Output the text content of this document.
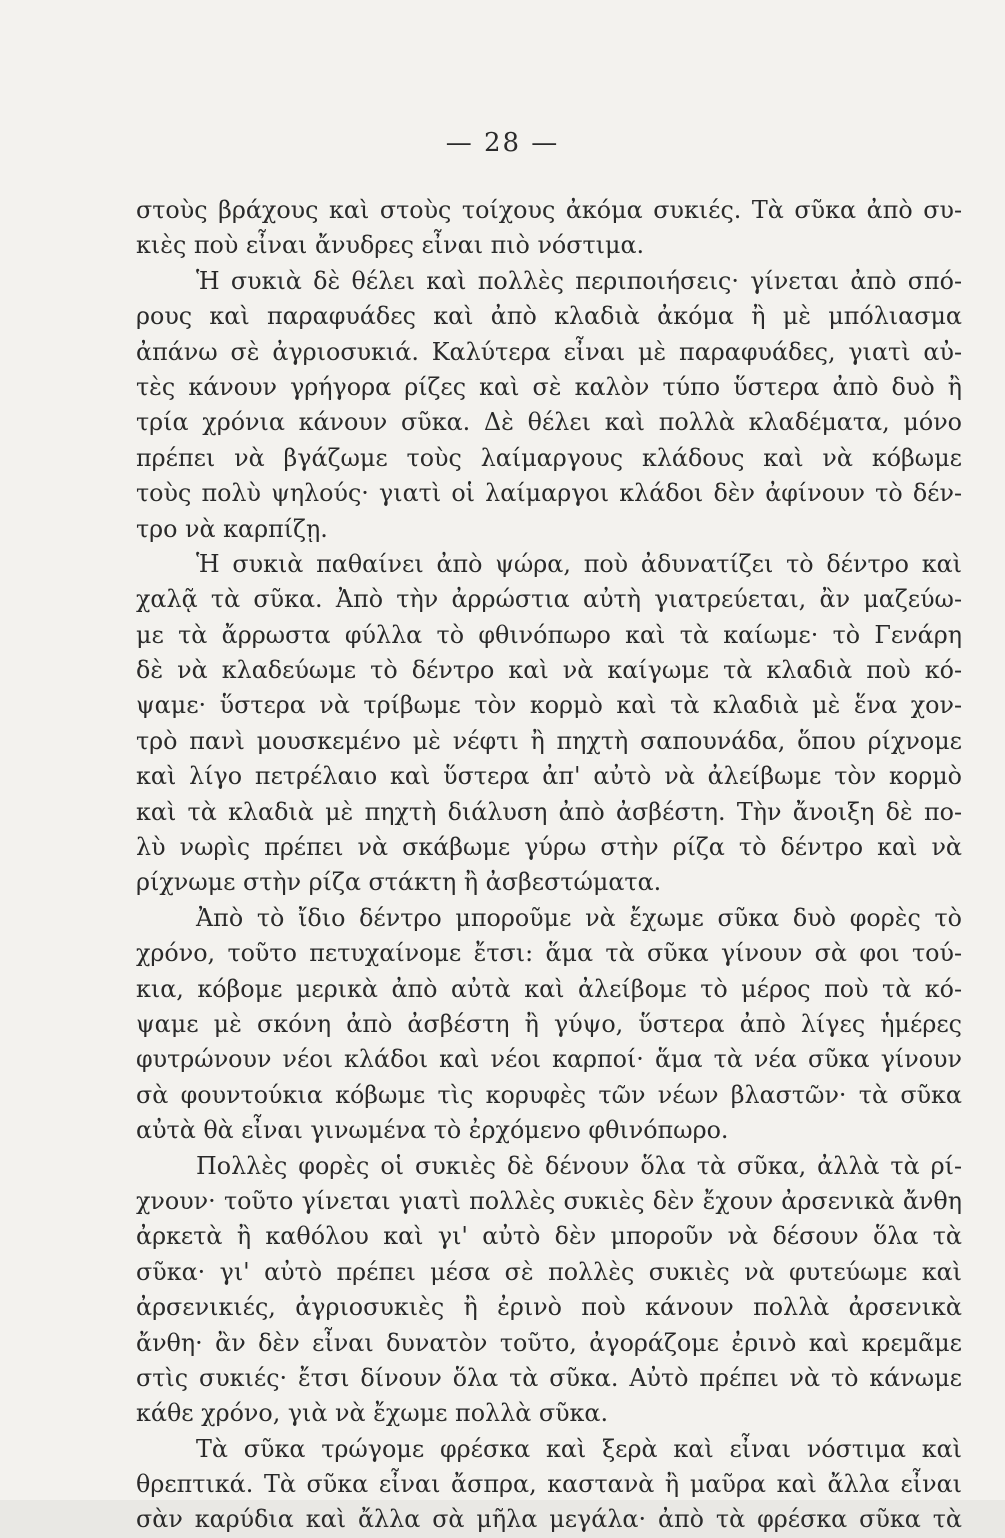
— 28 —
στοὺς βράχους καὶ στοὺς τοίχους ἀκόμα συκιές. Τὰ σῦκα ἀπὸ συ-
κιὲς ποὺ εἶναι ἄνυδρες εἶναι πιὸ νόστιμα.
Ἡ συκιὰ δὲ θέλει καὶ πολλὲς περιποιήσεις· γίνεται ἀπὸ σπό-
ρους καὶ παραφυάδες καὶ ἀπὸ κλαδιὰ ἀκόμα ἢ μὲ μπόλιασμα
ἀπάνω σὲ ἀγριοσυκιά. Καλύτερα εἶναι μὲ παραφυάδες, γιατὶ αὐ-
τὲς κάνουν γρήγορα ρίζες καὶ σὲ καλὸν τύπο ὕστερα ἀπὸ δυὸ ἢ
τρία χρόνια κάνουν σῦκα. Δὲ θέλει καὶ πολλὰ κλαδέματα, μόνο
πρέπει νὰ βγάζωμε τοὺς λαίμαργους κλάδους καὶ νὰ κόβωμε
τοὺς πολὺ ψηλούς· γιατὶ οἱ λαίμαργοι κλάδοι δὲν ἀφίνουν τὸ δέν-
τρο νὰ καρπίζῃ.
Ἡ συκιὰ παθαίνει ἀπὸ ψώρα, ποὺ ἀδυνατίζει τὸ δέντρο καὶ
χαλᾷ τὰ σῦκα. Ἀπὸ τὴν ἀρρώστια αὐτὴ γιατρεύεται, ἂν μαζεύω-
με τὰ ἄρρωστα φύλλα τὸ φθινόπωρο καὶ τὰ καίωμε· τὸ Γενάρη
δὲ νὰ κλαδεύωμε τὸ δέντρο καὶ νὰ καίγωμε τὰ κλαδιὰ ποὺ κό-
ψαμε· ὕστερα νὰ τρίβωμε τὸν κορμὸ καὶ τὰ κλαδιὰ μὲ ἕνα χον-
τρὸ πανὶ μουσκεμένο μὲ νέφτι ἢ πηχτὴ σαπουνάδα, ὅπου ρίχνομε
καὶ λίγο πετρέλαιο καὶ ὕστερα ἀπ' αὐτὸ νὰ ἀλείβωμε τὸν κορμὸ
καὶ τὰ κλαδιὰ μὲ πηχτὴ διάλυση ἀπὸ ἀσβέστη. Τὴν ἄνοιξη δὲ πο-
λὺ νωρὶς πρέπει νὰ σκάβωμε γύρω στὴν ρίζα τὸ δέντρο καὶ νὰ
ρίχνωμε στὴν ρίζα στάκτη ἢ ἀσβεστώματα.
Ἀπὸ τὸ ἴδιο δέντρο μποροῦμε νὰ ἔχωμε σῦκα δυὸ φορὲς τὸ
χρόνο, τοῦτο πετυχαίνομε ἔτσι: ἅμα τὰ σῦκα γίνουν σὰ φοι τού-
κια, κόβομε μερικὰ ἀπὸ αὐτὰ καὶ ἀλείβομε τὸ μέρος ποὺ τὰ κό-
ψαμε μὲ σκόνη ἀπὸ ἀσβέστη ἢ γύψο, ὕστερα ἀπὸ λίγες ἡμέρες
φυτρώνουν νέοι κλάδοι καὶ νέοι καρποί· ἅμα τὰ νέα σῦκα γίνουν
σὰ φουντούκια κόβωμε τὶς κορυφὲς τῶν νέων βλαστῶν· τὰ σῦκα
αὐτὰ θὰ εἶναι γινωμένα τὸ ἐρχόμενο φθινόπωρο.
Πολλὲς φορὲς οἱ συκιὲς δὲ δένουν ὅλα τὰ σῦκα, ἀλλὰ τὰ ρί-
χνουν· τοῦτο γίνεται γιατὶ πολλὲς συκιὲς δὲν ἔχουν ἀρσενικὰ ἄνθη
ἀρκετὰ ἢ καθόλου καὶ γι' αὐτὸ δὲν μποροῦν νὰ δέσουν ὅλα τὰ
σῦκα· γι' αὐτὸ πρέπει μέσα σὲ πολλὲς συκιὲς νὰ φυτεύωμε καὶ
ἀρσενικιές, ἀγριοσυκιὲς ἢ ἐρινὸ ποὺ κάνουν πολλὰ ἀρσενικὰ
ἄνθη· ἂν δὲν εἶναι δυνατὸν τοῦτο, ἀγοράζομε ἐρινὸ καὶ κρεμᾶμε
στὶς συκιές· ἔτσι δίνουν ὅλα τὰ σῦκα. Αὐτὸ πρέπει νὰ τὸ κάνωμε
κάθε χρόνο, γιὰ νὰ ἔχωμε πολλὰ σῦκα.
Τὰ σῦκα τρώγομε φρέσκα καὶ ξερὰ καὶ εἶναι νόστιμα καὶ
θρεπτικά. Τὰ σῦκα εἶναι ἄσπρα, καστανὰ ἢ μαῦρα καὶ ἄλλα εἶναι
σὰν καρύδια καὶ ἄλλα σὰ μῆλα μεγάλα· ἀπὸ τὰ φρέσκα σῦκα τὰ
